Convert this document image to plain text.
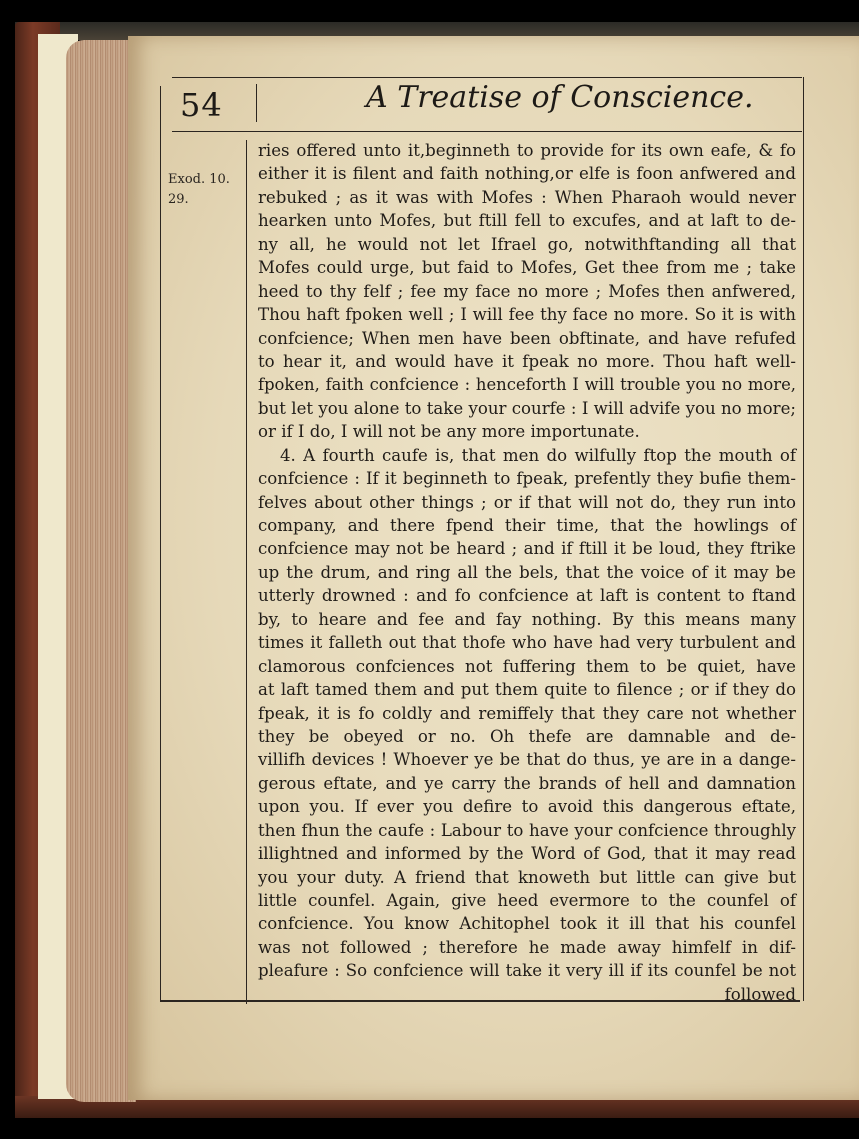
54	A Treatise of Conscience.
Exod. 10.
29.
ries offered unto it,beginneth to provide for its own eafe, & fo
either it is filent and faith nothing,or elfe is foon anfwered and
rebuked ; as it was with Mofes : When Pharaoh would never
hearken unto Mofes, but ftill fell to excufes, and at laft to de-
ny all, he would not let Ifrael go, notwithftanding all that
Mofes could urge, but faid to Mofes, Get thee from me ; take
heed to thy felf ; fee my face no more ; Mofes then anfwered,
Thou haft fpoken well ; I will fee thy face no more. So it is with
confcience; When men have been obftinate, and have refufed
to hear it, and would have it fpeak no more. Thou haft well-
fpoken, faith confcience : henceforth I will trouble you no more,
but let you alone to take your courfe : I will advife you no more;
or if I do, I will not be any more importunate.
4. A fourth caufe is, that men do wilfully ftop the mouth of
confcience : If it beginneth to fpeak, prefently they bufie them-
felves about other things ; or if that will not do, they run into
company, and there fpend their time, that the howlings of
confcience may not be heard ; and if ftill it be loud, they ftrike
up the drum, and ring all the bels, that the voice of it may be
utterly drowned : and fo confcience at laft is content to ftand
by, to heare and fee and fay nothing. By this means many
times it falleth out that thofe who have had very turbulent and
clamorous confciences not fuffering them to be quiet, have
at laft tamed them and put them quite to filence ; or if they do
fpeak, it is fo coldly and remiffely that they care not whether
they be obeyed or no. Oh thefe are damnable and de-
villifh devices ! Whoever ye be that do thus, ye are in a dange-
gerous eftate, and ye carry the brands of hell and damnation
upon you. If ever you defire to avoid this dangerous eftate,
then fhun the caufe : Labour to have your confcience throughly
illightned and informed by the Word of God, that it may read
you your duty. A friend that knoweth but little can give but
little counfel. Again, give heed evermore to the counfel of
confcience. You know Achitophel took it ill that his counfel
was not followed ; therefore he made away himfelf in dif-
pleafure : So confcience will take it very ill if its counfel be not
followed
